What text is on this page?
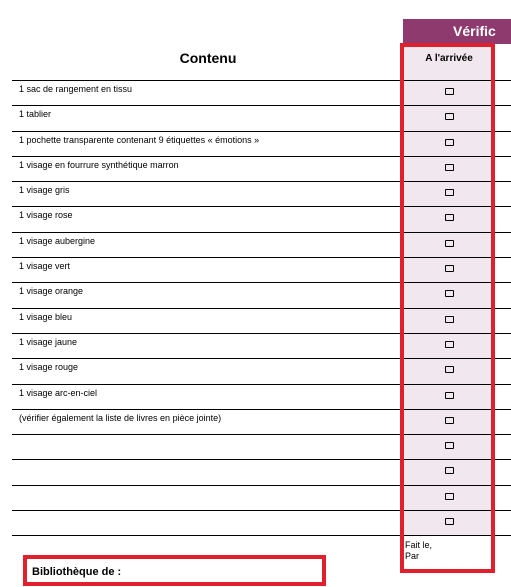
Vérific
Contenu	A l'arrivée
1 sac de rangement en tissu
1 tablier
1 pochette transparente contenant 9 étiquettes « émotions »
1 visage en fourrure synthétique marron
1 visage gris
1 visage rose
1 visage aubergine
1 visage vert
1 visage orange
1 visage bleu
1 visage jaune
1 visage rouge
1 visage arc-en-ciel
(vérifier également la liste de livres en pièce jointe)
Fait le,
Par
Bibliothèque de :
